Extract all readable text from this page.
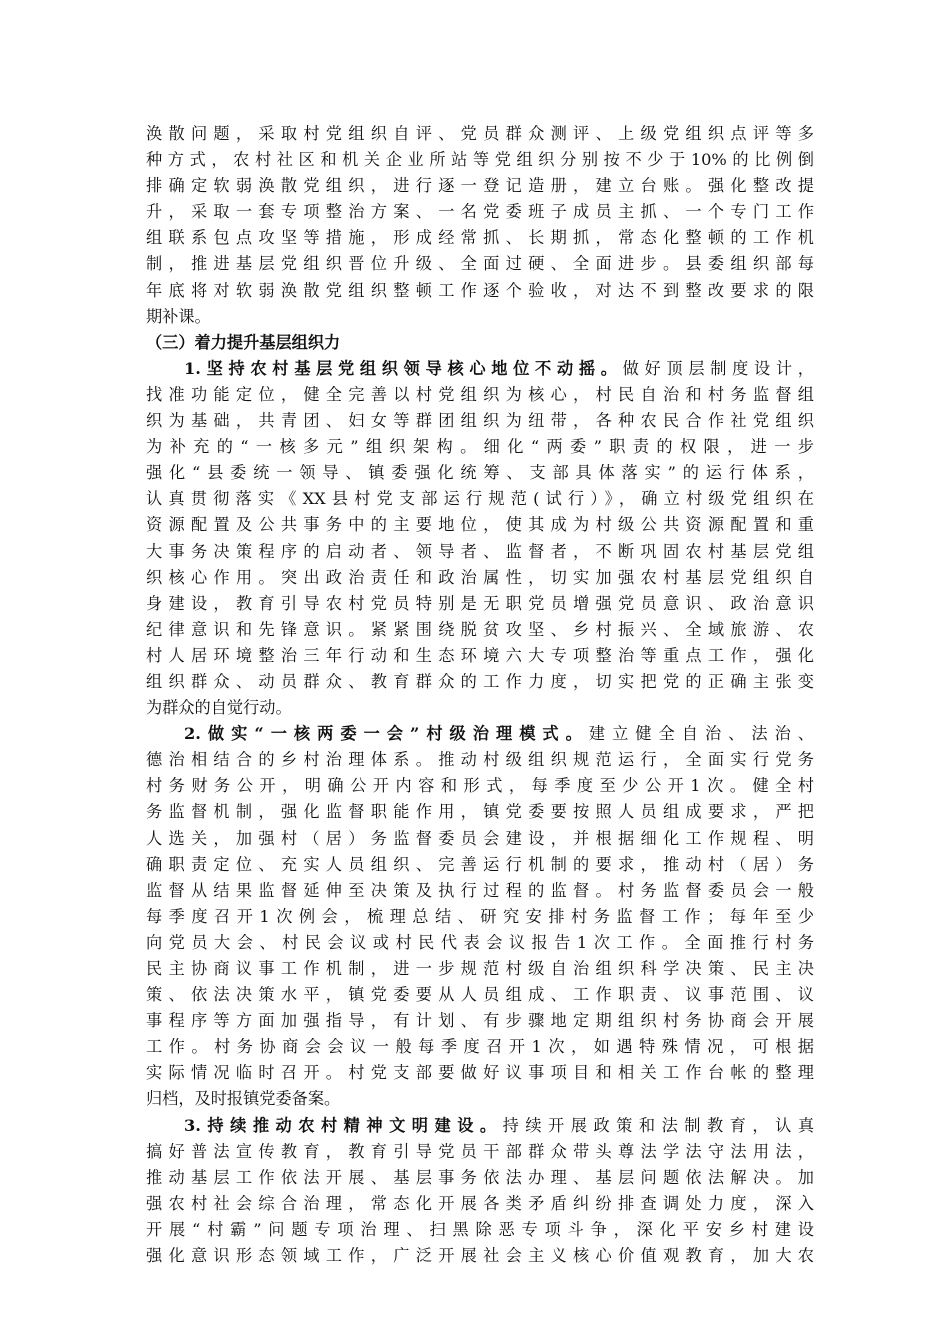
涣散问题，采取村党组织自评、党员群众测评、上级党组织点评等多
种方式，农村社区和机关企业所站等党组织分别按不少于10%的比例倒
排确定软弱涣散党组织，进行逐一登记造册，建立台账。强化整改提
升，采取一套专项整治方案、一名党委班子成员主抓、一个专门工作
组联系包点攻坚等措施，形成经常抓、长期抓，常态化整顿的工作机
制，推进基层党组织晋位升级、全面过硬、全面进步。县委组织部每
年底将对软弱涣散党组织整顿工作逐个验收，对达不到整改要求的限
期补课。
（三）着力提升基层组织力
1.坚持农村基层党组织领导核心地位不动摇。做好顶层制度设计，
找准功能定位，健全完善以村党组织为核心，村民自治和村务监督组
织为基础，共青团、妇女等群团组织为纽带，各种农民合作社党组织
为补充的“一核多元”组织架构。细化“两委”职责的权限，进一步
强化“县委统一领导、镇委强化统筹、支部具体落实”的运行体系，
认真贯彻落实《XX县村党支部运行规范(试行）》，确立村级党组织在
资源配置及公共事务中的主要地位，使其成为村级公共资源配置和重
大事务决策程序的启动者、领导者、监督者，不断巩固农村基层党组
织核心作用。突出政治责任和政治属性，切实加强农村基层党组织自
身建设，教育引导农村党员特别是无职党员增强党员意识、政治意识
纪律意识和先锋意识。紧紧围绕脱贫攻坚、乡村振兴、全域旅游、农
村人居环境整治三年行动和生态环境六大专项整治等重点工作，强化
组织群众、动员群众、教育群众的工作力度，切实把党的正确主张变
为群众的自觉行动。
2.做实“一核两委一会”村级治理模式。建立健全自治、法治、
德治相结合的乡村治理体系。推动村级组织规范运行，全面实行党务
村务财务公开，明确公开内容和形式，每季度至少公开1次。健全村
务监督机制，强化监督职能作用，镇党委要按照人员组成要求，严把
人选关，加强村（居）务监督委员会建设，并根据细化工作规程、明
确职责定位、充实人员组织、完善运行机制的要求，推动村（居）务
监督从结果监督延伸至决策及执行过程的监督。村务监督委员会一般
每季度召开1次例会，梳理总结、研究安排村务监督工作；每年至少
向党员大会、村民会议或村民代表会议报告1次工作。全面推行村务
民主协商议事工作机制，进一步规范村级自治组织科学决策、民主决
策、依法决策水平，镇党委要从人员组成、工作职责、议事范围、议
事程序等方面加强指导，有计划、有步骤地定期组织村务协商会开展
工作。村务协商会会议一般每季度召开1次，如遇特殊情况，可根据
实际情况临时召开。村党支部要做好议事项目和相关工作台帐的整理
归档，及时报镇党委备案。
3.持续推动农村精神文明建设。持续开展政策和法制教育，认真
搞好普法宣传教育，教育引导党员干部群众带头尊法学法守法用法，
推动基层工作依法开展、基层事务依法办理、基层问题依法解决。加
强农村社会综合治理，常态化开展各类矛盾纠纷排查调处力度，深入
开展“村霸”问题专项治理、扫黑除恶专项斗争，深化平安乡村建设
强化意识形态领域工作，广泛开展社会主义核心价值观教育，加大农
